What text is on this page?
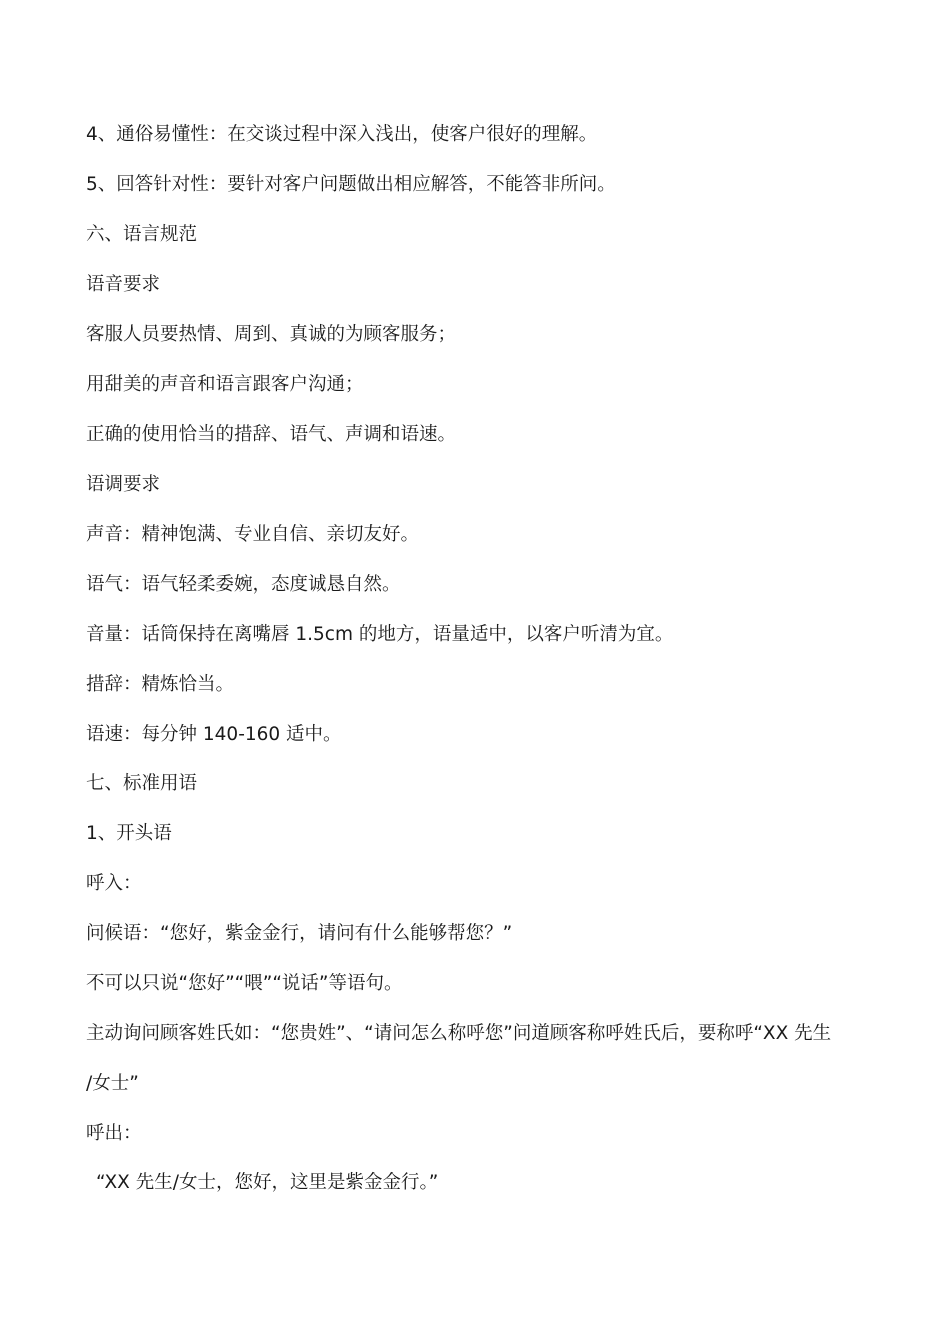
4、通俗易懂性：在交谈过程中深入浅出，使客户很好的理解。
5、回答针对性：要针对客户问题做出相应解答，不能答非所问。
六、语言规范
语音要求
客服人员要热情、周到、真诚的为顾客服务；
用甜美的声音和语言跟客户沟通；
正确的使用恰当的措辞、语气、声调和语速。
语调要求
声音：精神饱满、专业自信、亲切友好。
语气：语气轻柔委婉，态度诚恳自然。
音量：话筒保持在离嘴唇 1.5cm 的地方，语量适中，以客户听清为宜。
措辞：精炼恰当。
语速：每分钟 140-160 适中。
七、标准用语
1、开头语
呼入：
问候语：“您好，紫金金行，请问有什么能够帮您？”
不可以只说“您好”“喂”“说话”等语句。
主动询问顾客姓氏如：“您贵姓”、“请问怎么称呼您”问道顾客称呼姓氏后，要称呼“XX 先生
/女士”
呼出：
“XX 先生/女士，您好，这里是紫金金行。”
